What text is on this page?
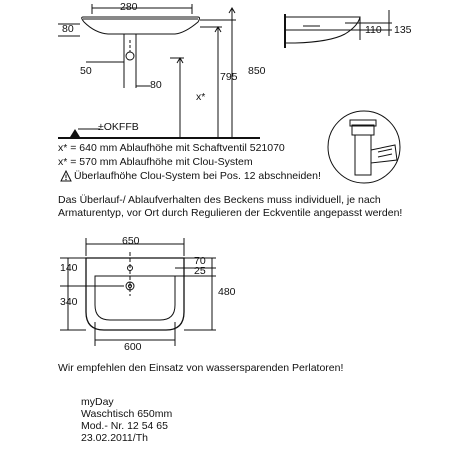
280
80
50
80
x*
795 850
±OKFFB
110 135
x* = 640 mm Ablaufhöhe mit Schaftventil 521070
x* = 570 mm Ablaufhöhe mit Clou-System
Überlaufhöhe Clou-System bei Pos. 12 abschneiden!
Das Überlauf-/ Ablaufverhalten des Beckens muss individuell, je nach
Armaturentyp, vor Ort durch Regulieren der Eckventile angepasst werden!
650
140
340
70
25
480
600
Wir empfehlen den Einsatz von wassersparenden Perlatoren!
myDay
Waschtisch 650mm
Mod.- Nr. 12 54 65
23.02.2011/Th
